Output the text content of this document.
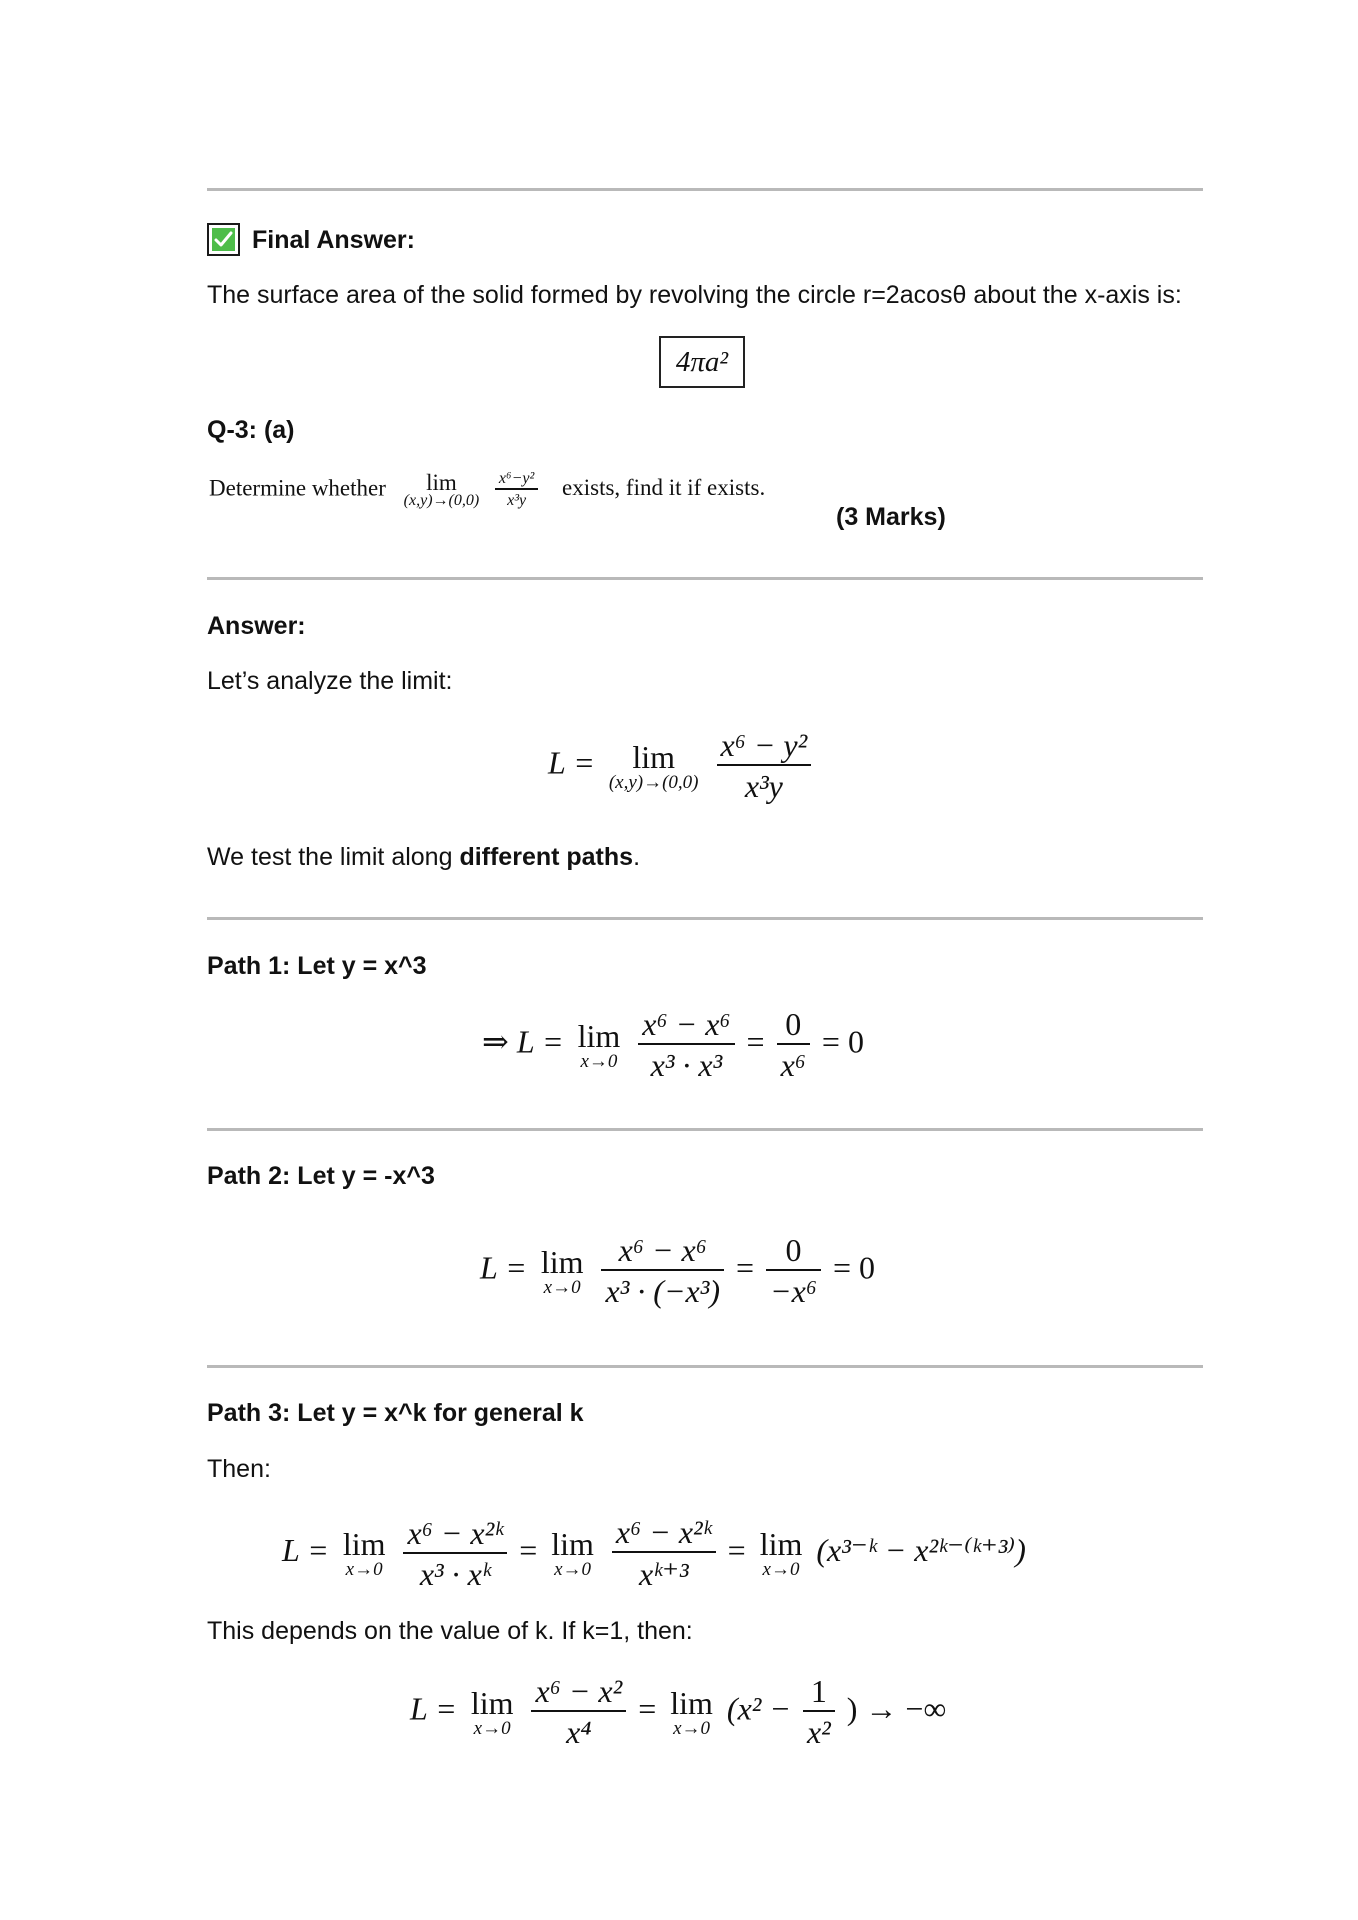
Final Answer:
The surface area of the solid formed by revolving the circle r=2acosθ about the x-axis is:
4πa²
Q-3: (a)
Determine whether	lim
(x,y)→(0,0)
$\frac{\text{x⁶−y²}}{\text{x³y}}$ exists, find it if exists.
(3 Marks)
Answer:
Let’s analyze the limit:
L =	lim
(x,y)→(0,0)
$\frac{\text{x⁶ − y²}}{\text{x³y}}$
We test the limit along different paths.
Path 1: Let y = x^3
⇒ L = lim
x→0
$\frac{\text{x⁶ − x⁶}}{\text{x³ · x³}} = \frac{0}{\text{x⁶}} = 0$
Path 2: Let y = -x^3
L = lim
x→0
$\frac{\text{x⁶ − x⁶}}{\text{x³ · (−x³)}} = \frac{0}{\text{−x⁶}} = 0$
Path 3: Let y = x^k for general k
Then:
L = lim
x→0
$\frac{\text{x⁶ − x²ᵏ}}{\text{x³ · xᵏ}} = \lim$
x→0
$\frac{\text{x⁶ − x²ᵏ}}{\text{xᵏ⁺³}} = \lim$
x→0
(x³⁻ᵏ − x²ᵏ⁻⁽ᵏ⁺³⁾)
This depends on the value of k. If k=1, then:
L = lim
x→0
$\frac{\text{x⁶ − x²}}{\text{x⁴}} = \lim$
x→0
($x^2 - \frac{1}{\text{x²}}$ ) → −∞
